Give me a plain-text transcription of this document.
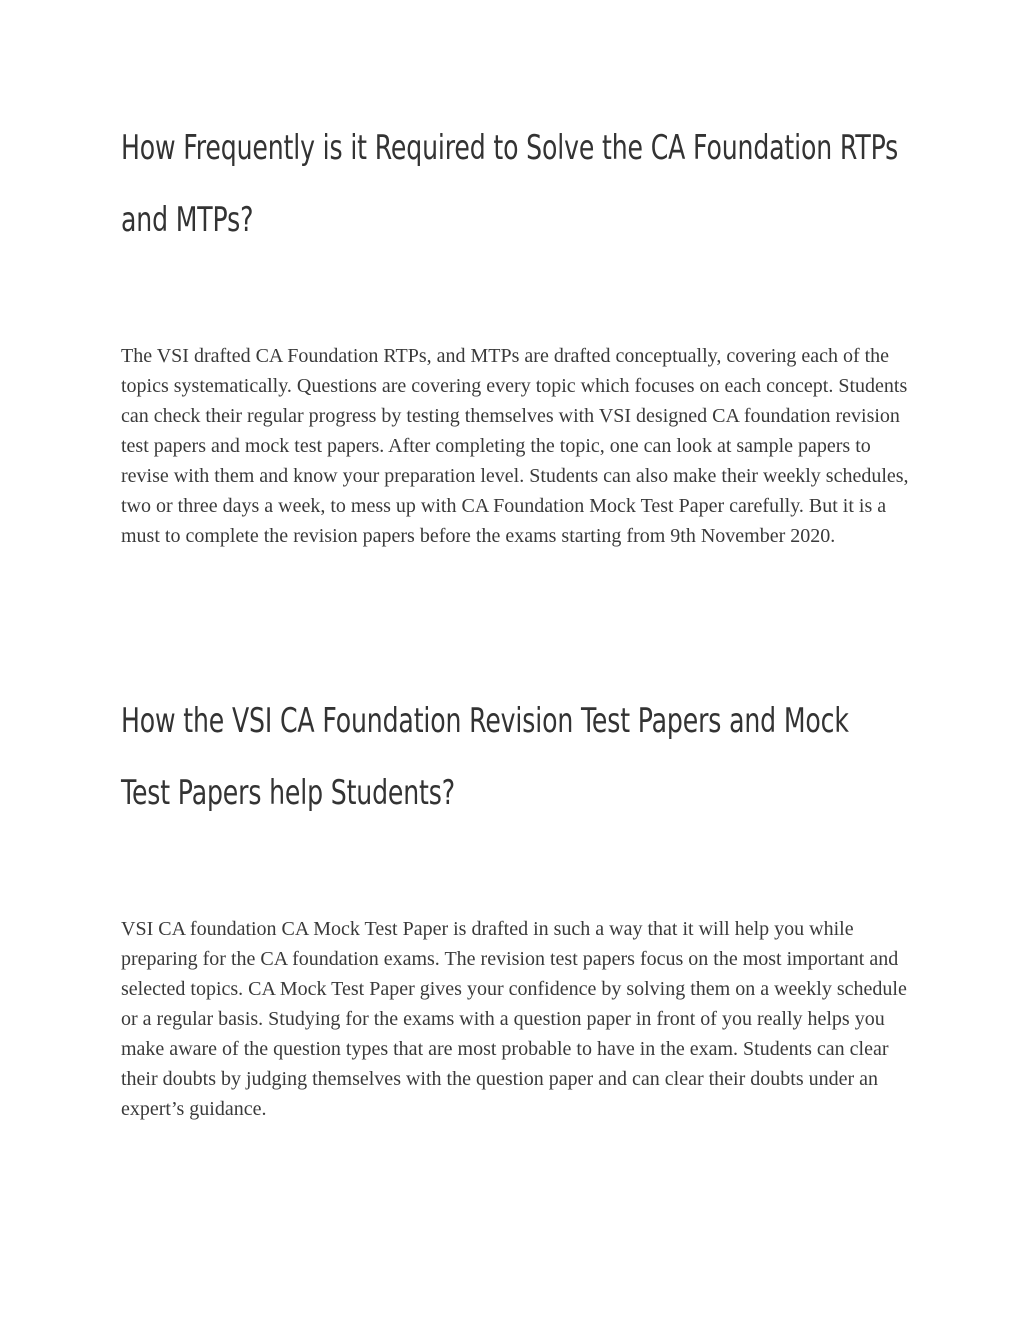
How Frequently is it Required to Solve the CA Foundation RTPs and MTPs?

The VSI drafted CA Foundation RTPs, and MTPs are drafted conceptually, covering each of the topics systematically. Questions are covering every topic which focuses on each concept. Students can check their regular progress by testing themselves with VSI designed CA foundation revision test papers and mock test papers. After completing the topic, one can look at sample papers to revise with them and know your preparation level. Students can also make their weekly schedules, two or three days a week, to mess up with CA Foundation Mock Test Paper carefully. But it is a must to complete the revision papers before the exams starting from 9th November 2020.

How the VSI CA Foundation Revision Test Papers and Mock Test Papers help Students?

VSI CA foundation CA Mock Test Paper is drafted in such a way that it will help you while preparing for the CA foundation exams. The revision test papers focus on the most important and selected topics. CA Mock Test Paper gives your confidence by solving them on a weekly schedule or a regular basis. Studying for the exams with a question paper in front of you really helps you make aware of the question types that are most probable to have in the exam. Students can clear their doubts by judging themselves with the question paper and can clear their doubts under an expert’s guidance.
